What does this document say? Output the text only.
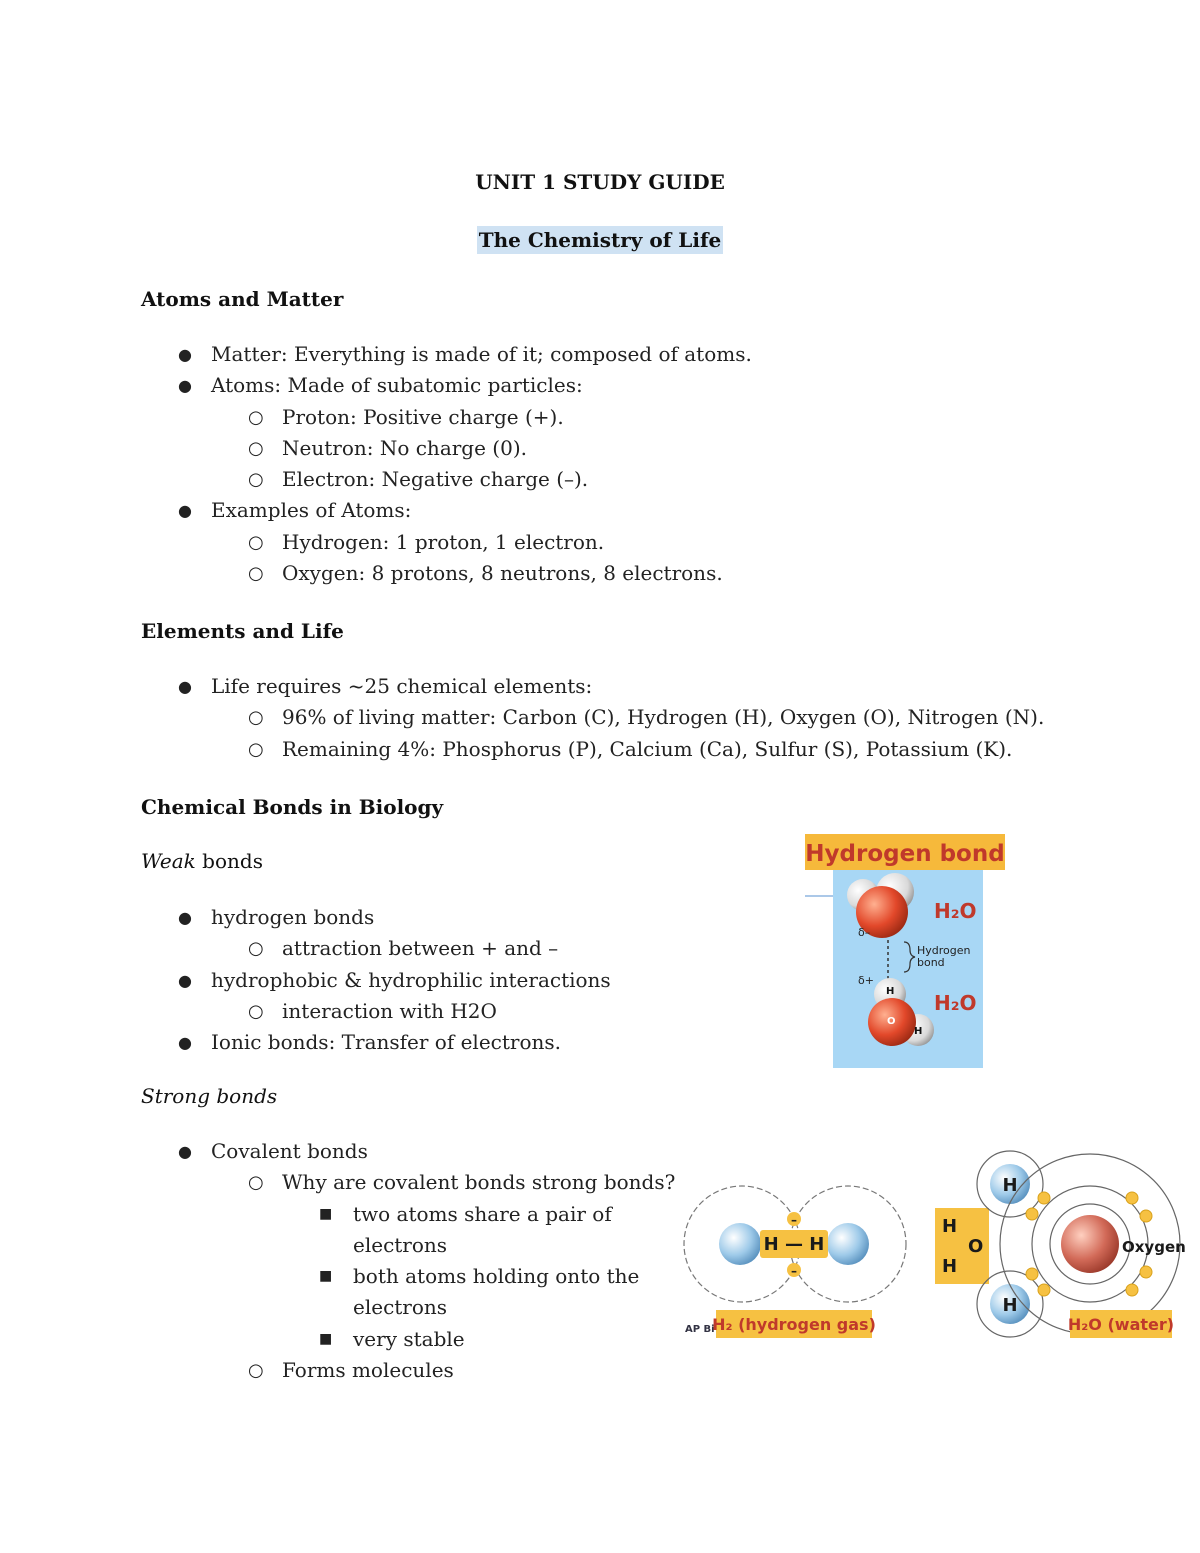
UNIT 1 STUDY GUIDE
The Chemistry of Life
Atoms and Matter
● Matter: Everything is made of it; composed of atoms.
● Atoms: Made of subatomic particles:
○ Proton: Positive charge (+).
○ Neutron: No charge (0).
○ Electron: Negative charge (–).
● Examples of Atoms:
○ Hydrogen: 1 proton, 1 electron.
○ Oxygen: 8 protons, 8 neutrons, 8 electrons.
Elements and Life
● Life requires ~25 chemical elements:
○ 96% of living matter: Carbon (C), Hydrogen (H), Oxygen (O), Nitrogen (N).
○ Remaining 4%: Phosphorus (P), Calcium (Ca), Sulfur (S), Potassium (K).
Chemical Bonds in Biology
Weak bonds
● hydrogen bonds
○ attraction between + and –
● hydrophobic & hydrophilic interactions
○ interaction with H2O
● Ionic bonds: Transfer of electrons.
Strong bonds
● Covalent bonds
○ Why are covalent bonds strong bonds?
■ two atoms share a pair of electrons
■ both atoms holding onto the electrons
■ very stable
○ Forms molecules
Hydrogen bond
H₂O
δ–
Hydrogen
bond
δ+
H
O
H
H₂O
H — H
–
–
AP Bi
H₂ (hydrogen gas)
H
O
H
H
H
Oxygen
H₂O (water)
